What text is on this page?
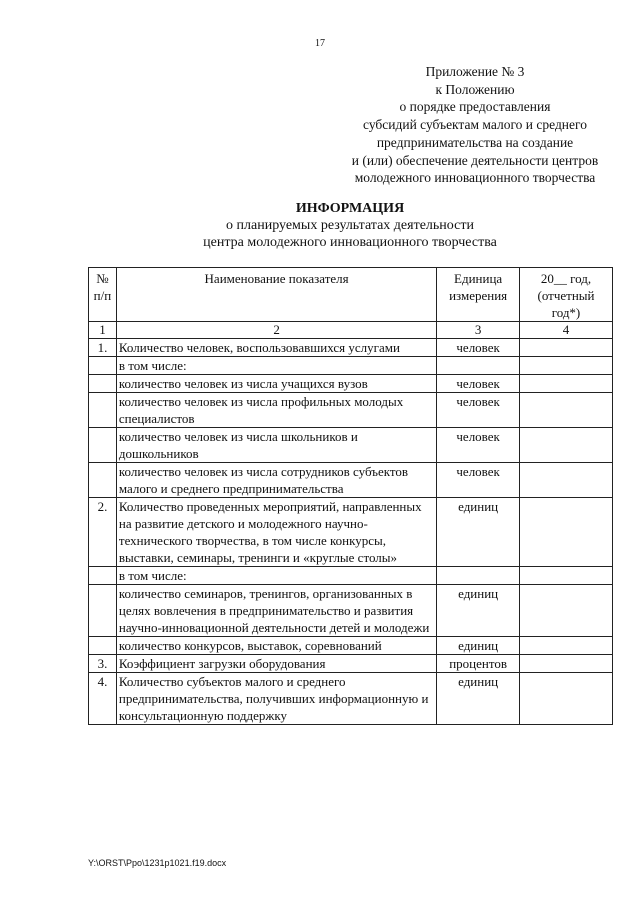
17
Приложение № 3
к Положению
о порядке предоставления
субсидий субъектам малого и среднего
предпринимательства на создание
и (или) обеспечение деятельности центров
молодежного инновационного творчества
ИНФОРМАЦИЯ
о планируемых результатах деятельности
центра молодежного инновационного творчества
№ п/п	Наименование показателя	Единица измерения	20__ год, (отчетный год*)
1	2	3	4
1.	Количество человек, воспользовавшихся услугами	человек	
	в том числе:		
	количество человек из числа учащихся вузов	человек	
	количество человек из числа профильных молодых специалистов	человек	
	количество человек из числа школьников и дошкольников	человек	
	количество человек из числа сотрудников субъектов малого и среднего предпринимательства	человек	
2.	Количество проведенных мероприятий, направленных на развитие детского и молодежного научно-технического творчества, в том числе конкурсы, выставки, семинары, тренинги и «круглые столы»	единиц	
	в том числе:		
	количество семинаров, тренингов, организованных в целях вовлечения в предпринимательство и развития научно-инновационной деятельности детей и молодежи	единиц	
	количество конкурсов, выставок, соревнований	единиц	
3.	Коэффициент загрузки оборудования	процентов	
4.	Количество субъектов малого и среднего предпринимательства, получивших информационную и консультационную поддержку	единиц	
Y:\ORST\Ppo\1231p1021.f19.docx
